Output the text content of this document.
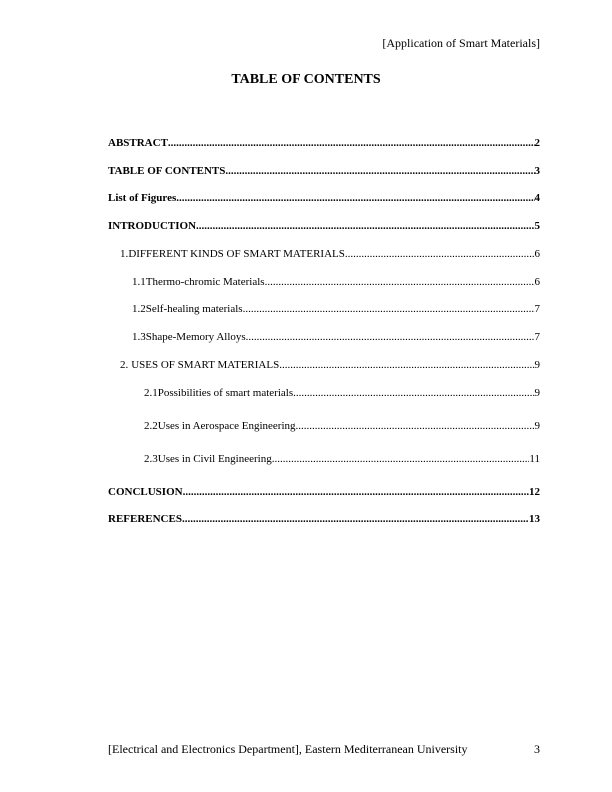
[Application of Smart Materials]
TABLE OF CONTENTS
ABSTRACT .....	2
TABLE OF CONTENTS .....	3
List of Figures .....	4
INTRODUCTION .....	5
1. DIFFERENT KINDS OF SMART MATERIALS .....	6
1.1 Thermo-chromic Materials .....	6
1.2 Self-healing materials .....	7
1.3 Shape-Memory Alloys .....	7
2. USES OF SMART MATERIALS .....	9
2.1 Possibilities of smart materials .....	9
2.2 Uses in Aerospace Engineering .....	9
2.3 Uses in Civil Engineering .....	11
CONCLUSION .....	12
REFERENCES .....	13
[Electrical and Electronics Department], Eastern Mediterranean University	3
